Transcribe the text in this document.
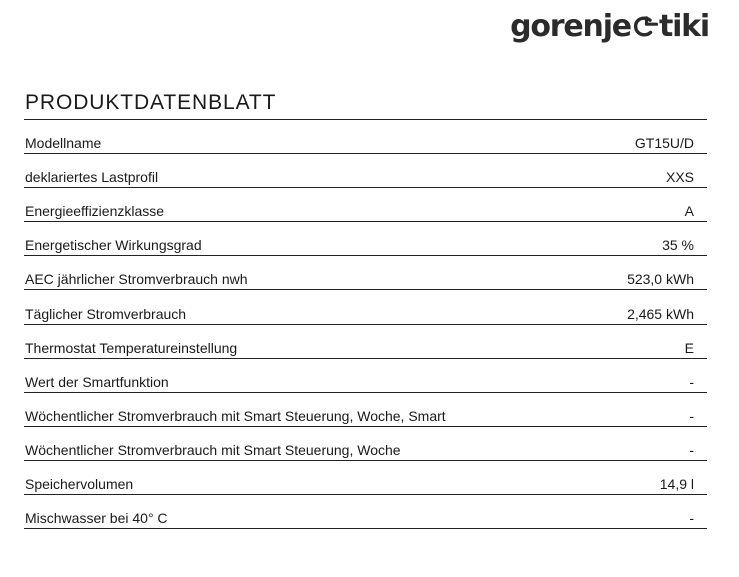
gorenje tiki
PRODUKTDATENBLATT
Modellname	GT15U/D
deklariertes Lastprofil	XXS
Energieeffizienzklasse	A
Energetischer Wirkungsgrad	35 %
AEC jährlicher Stromverbrauch nwh	523,0 kWh
Täglicher Stromverbrauch	2,465 kWh
Thermostat Temperatureinstellung	E
Wert der Smartfunktion	-
Wöchentlicher Stromverbrauch mit Smart Steuerung, Woche, Smart	-
Wöchentlicher Stromverbrauch mit Smart Steuerung, Woche	-
Speichervolumen	14,9 l
Mischwasser bei 40° C	-
